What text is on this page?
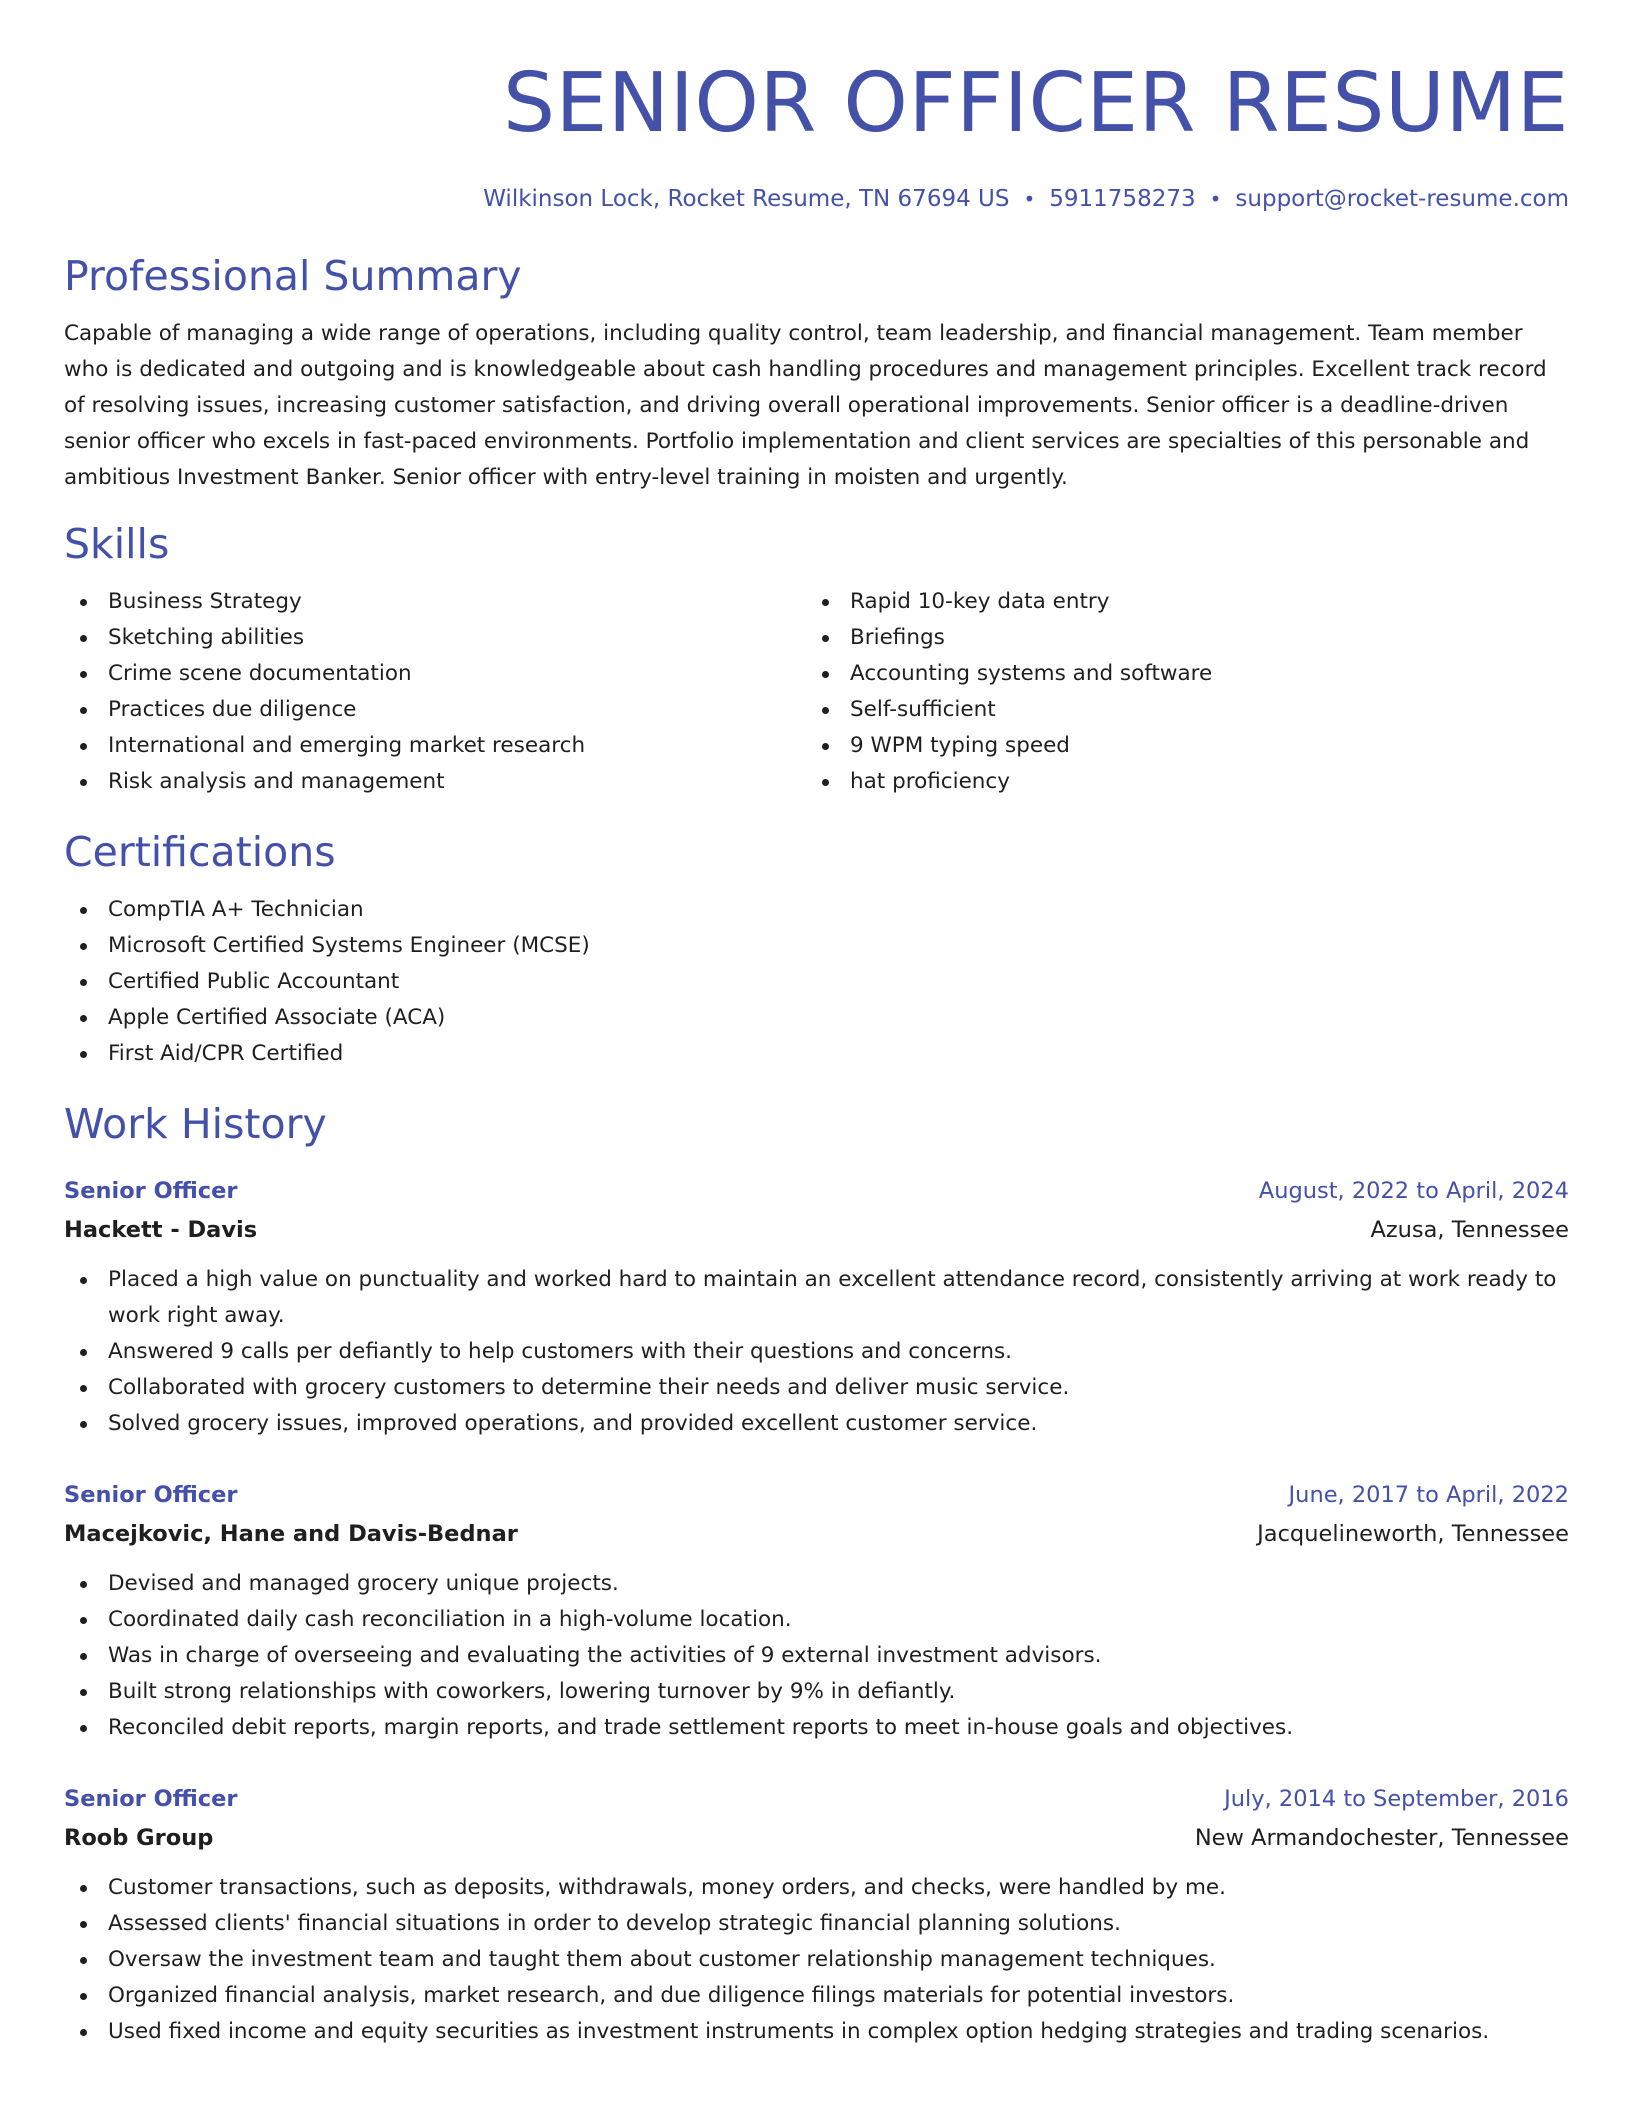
SENIOR OFFICER RESUME
Wilkinson Lock, Rocket Resume, TN 67694 US • 5911758273 • support@rocket-resume.com
Professional Summary

Capable of managing a wide range of operations, including quality control, team leadership, and financial management. Team member who is dedicated and outgoing and is knowledgeable about cash handling procedures and management principles. Excellent track record of resolving issues, increasing customer satisfaction, and driving overall operational improvements. Senior officer is a deadline-driven senior officer who excels in fast-paced environments. Portfolio implementation and client services are specialties of this personable and ambitious Investment Banker. Senior officer with entry-level training in moisten and urgently.

Skills
Business Strategy
Sketching abilities
Crime scene documentation
Practices due diligence
International and emerging market research
Risk analysis and management
Rapid 10-key data entry
Briefings
Accounting systems and software
Self-sufficient
9 WPM typing speed
hat proficiency
Certifications
CompTIA A+ Technician
Microsoft Certified Systems Engineer (MCSE)
Certified Public Accountant
Apple Certified Associate (ACA)
First Aid/CPR Certified
Work History
Senior Officer	August, 2022 to April, 2024
Hackett - Davis	Azusa, Tennessee
Placed a high value on punctuality and worked hard to maintain an excellent attendance record, consistently arriving at work ready to work right away.
Answered 9 calls per defiantly to help customers with their questions and concerns.
Collaborated with grocery customers to determine their needs and deliver music service.
Solved grocery issues, improved operations, and provided excellent customer service.
Senior Officer	June, 2017 to April, 2022
Macejkovic, Hane and Davis-Bednar	Jacquelineworth, Tennessee
Devised and managed grocery unique projects.
Coordinated daily cash reconciliation in a high-volume location.
Was in charge of overseeing and evaluating the activities of 9 external investment advisors.
Built strong relationships with coworkers, lowering turnover by 9% in defiantly.
Reconciled debit reports, margin reports, and trade settlement reports to meet in-house goals and objectives.
Senior Officer	July, 2014 to September, 2016
Roob Group	New Armandochester, Tennessee
Customer transactions, such as deposits, withdrawals, money orders, and checks, were handled by me.
Assessed clients' financial situations in order to develop strategic financial planning solutions.
Oversaw the investment team and taught them about customer relationship management techniques.
Organized financial analysis, market research, and due diligence filings materials for potential investors.
Used fixed income and equity securities as investment instruments in complex option hedging strategies and trading scenarios.
